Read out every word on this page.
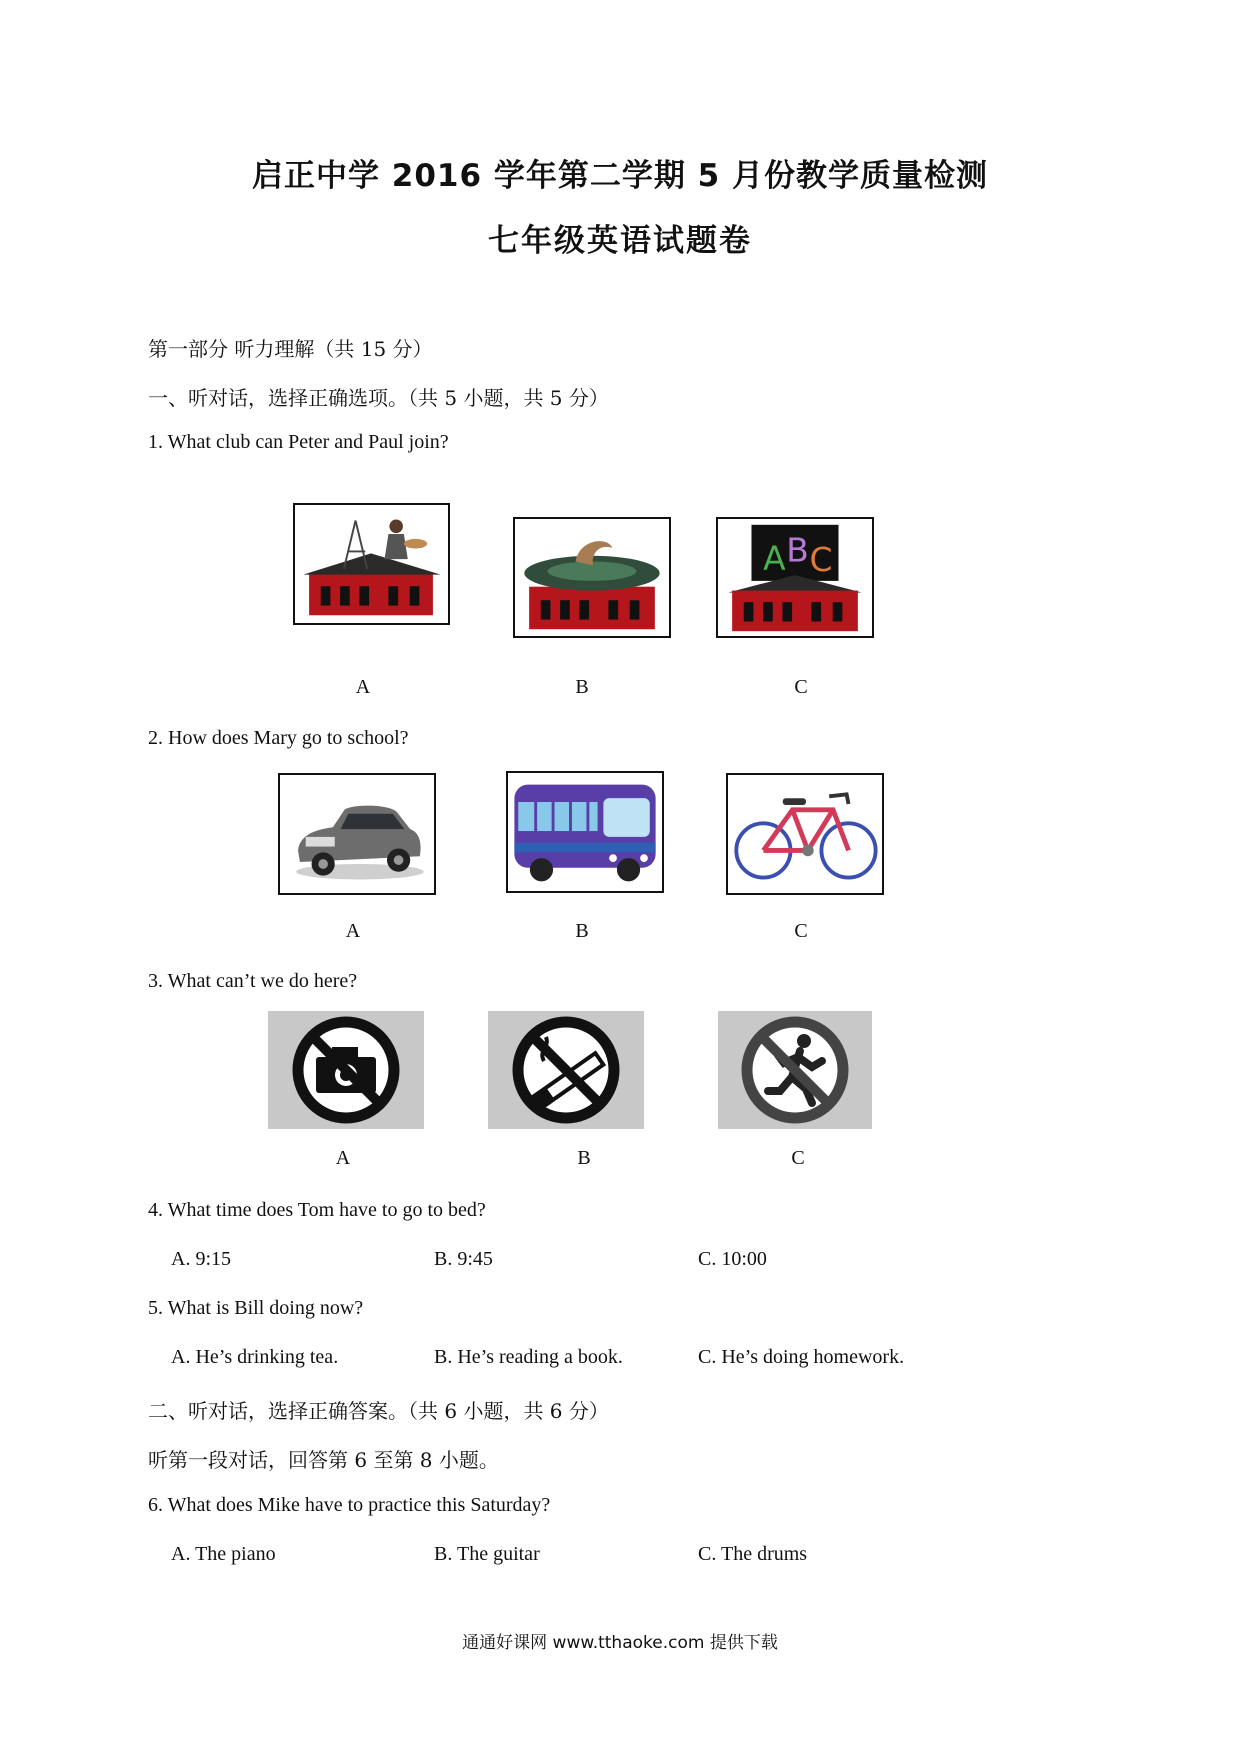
启正中学 2016 学年第二学期 5 月份教学质量检测
七年级英语试题卷
第一部分 听力理解（共 15 分）
一、听对话，选择正确选项。（共 5 小题，共 5 分）
1. What club can Peter and Paul join?
A B C
A	B	C
2. How does Mary go to school?
A	B	C
3. What can’t we do here?
A	B	C
4. What time does Tom have to go to bed?
A. 9:15	B. 9:45	C. 10:00
5. What is Bill doing now?
A. He’s drinking tea.	B. He’s reading a book.	C. He’s doing homework.
二、听对话，选择正确答案。（共 6 小题，共 6 分）
听第一段对话，回答第 6 至第 8 小题。
6. What does Mike have to practice this Saturday?
A. The piano	B. The guitar	C. The drums
通通好课网 www.tthaoke.com 提供下载
